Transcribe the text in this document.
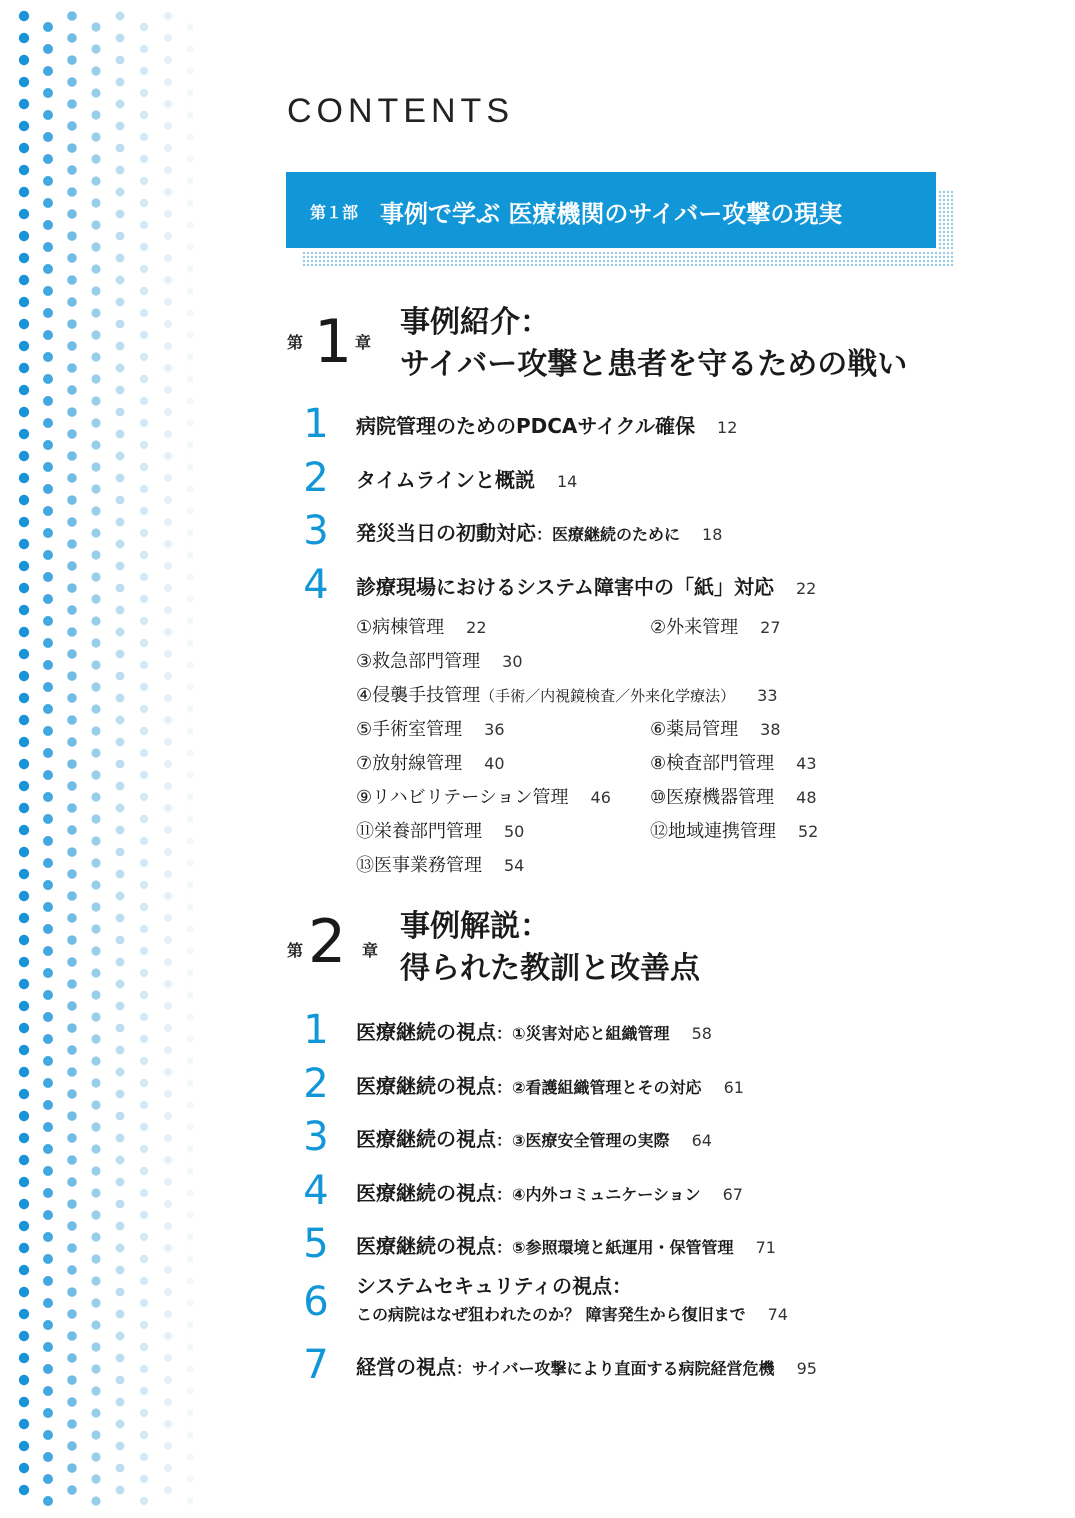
CONTENTS
第１部 事例で学ぶ 医療機関のサイバー攻撃の現実
第 1 章
事例紹介：
サイバー攻撃と患者を守るための戦い
1	病院管理のためのPDCAサイクル確保 12
2	タイムラインと概説 14
3	発災当日の初動対応：医療継続のために 18
4	診療現場におけるシステム障害中の「紙」対応 22
①病棟管理 22	②外来管理 27
③救急部門管理 30
④侵襲手技管理（手術／内視鏡検査／外来化学療法） 33
⑤手術室管理 36	⑥薬局管理 38
⑦放射線管理 40	⑧検査部門管理 43
⑨リハビリテーション管理 46 ⑩医療機器管理 48
⑪栄養部門管理 50	⑫地域連携管理 52
⑬医事業務管理 54
第 2 章
事例解説：
得られた教訓と改善点
1	医療継続の視点：①災害対応と組織管理 58
2	医療継続の視点：②看護組織管理とその対応 61
3	医療継続の視点：③医療安全管理の実際 64
4	医療継続の視点：④内外コミュニケーション 67
5	医療継続の視点：⑤参照環境と紙運用・保管管理 71
6	システムセキュリティの視点：
この病院はなぜ狙われたのか？ 障害発生から復旧まで 74
7	経営の視点：サイバー攻撃により直面する病院経営危機 95
